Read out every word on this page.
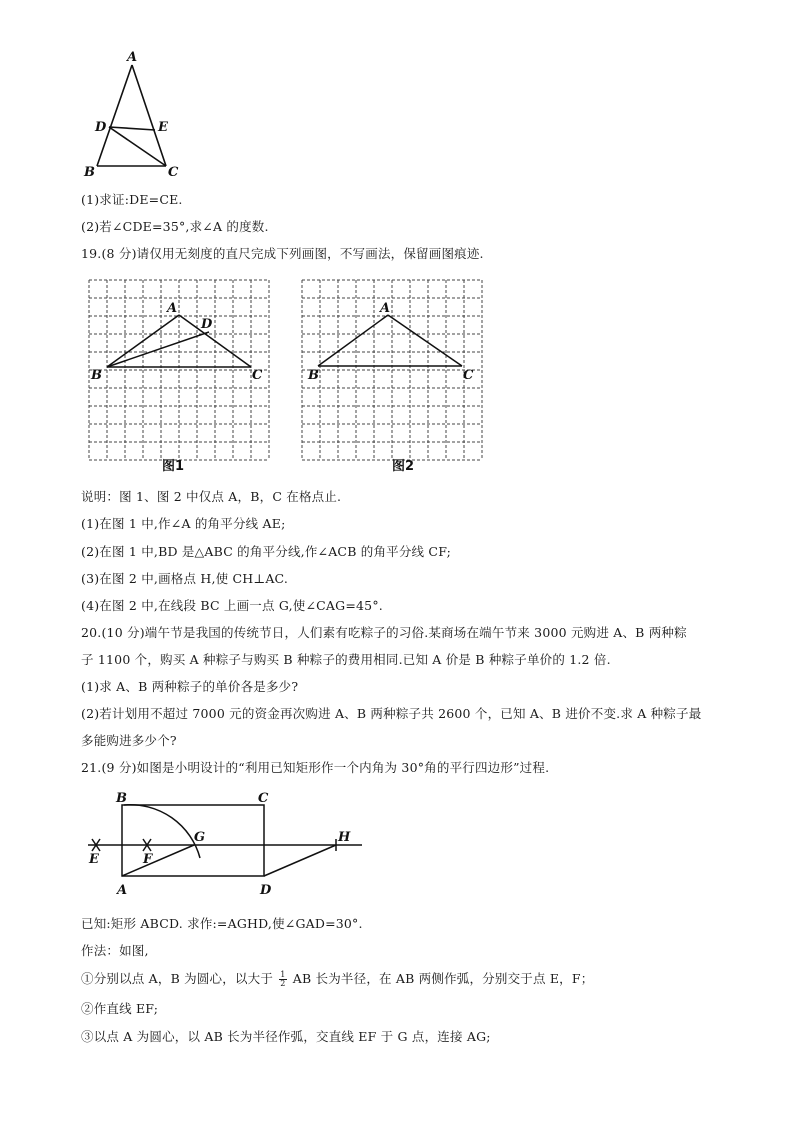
A
D	E
B	C
(1)求证:DE=CE.
(2)若∠CDE=35°,求∠A 的度数.
19.(8 分)请仅用无刻度的直尺完成下列画图，不写画法，保留画图痕迹.
A
D
B	C
图1
A
B	C
图2
说明：图 1、图 2 中仅点 A，B，C 在格点止.
(1)在图 1 中,作∠A 的角平分线 AE;
(2)在图 1 中,BD 是△ABC 的角平分线,作∠ACB 的角平分线 CF;
(3)在图 2 中,画格点 H,使 CH⊥AC.
(4)在图 2 中,在线段 BC 上画一点 G,使∠CAG=45°.
20.(10 分)端午节是我国的传统节日，人们素有吃粽子的习俗.某商场在端午节来 3000 元购进 A、B 两种粽
子 1100 个，购买 A 种粽子与购买 B 种粽子的费用相同.已知 A 价是 B 种粽子单价的 1.2 倍.
(1)求 A、B 两种粽子的单价各是多少?
(2)若计划用不超过 7000 元的资金再次购进 A、B 两种粽子共 2600 个，已知 A、B 进价不变.求 A 种粽子最
多能购进多少个?
21.(9 分)如图是小明设计的“利用已知矩形作一个内角为 30°角的平行四边形”过程.
B	C
G	H
E	F
A	D
已知:矩形 ABCD. 求作:=AGHD,使∠GAD=30°.
作法：如图,
①分别以点 A，B 为圆心，以大于 $\frac{1}{2}$ AB 长为半径，在 AB 两侧作弧，分别交于点 E，F；
②作直线 EF;
③以点 A 为圆心，以 AB 长为半径作弧，交直线 EF 于 G 点，连接 AG;
